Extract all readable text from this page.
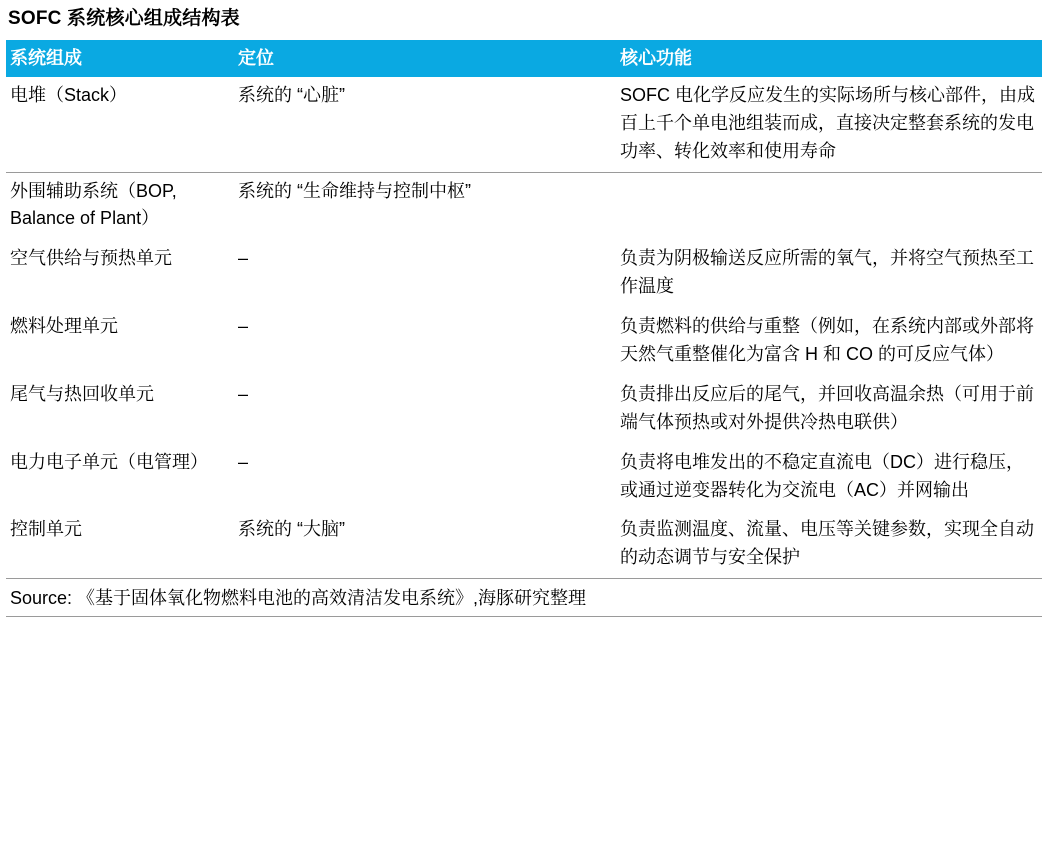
SOFC 系统核心组成结构表
系统组成	定位	核心功能
电堆（Stack）	系统的 “心脏”	SOFC 电化学反应发生的实际场所与核心部件，由成百上千个单电池组装而成，直接决定整套系统的发电功率、转化效率和使用寿命
外围辅助系统（BOP, Balance of Plant）	系统的 “生命维持与控制中枢”	
空气供给与预热单元	–	负责为阴极输送反应所需的氧气，并将空气预热至工作温度
燃料处理单元	–	负责燃料的供给与重整（例如，在系统内部或外部将天然气重整催化为富含 H 和 CO 的可反应气体）
尾气与热回收单元	–	负责排出反应后的尾气，并回收高温余热（可用于前端气体预热或对外提供冷热电联供）
电力电子单元（电管理）	–	负责将电堆发出的不稳定直流电（DC）进行稳压，或通过逆变器转化为交流电（AC）并网输出
控制单元	系统的 “大脑”	负责监测温度、流量、电压等关键参数，实现全自动的动态调节与安全保护
Source: 《基于固体氧化物燃料电池的高效清洁发电系统》,海豚研究整理
